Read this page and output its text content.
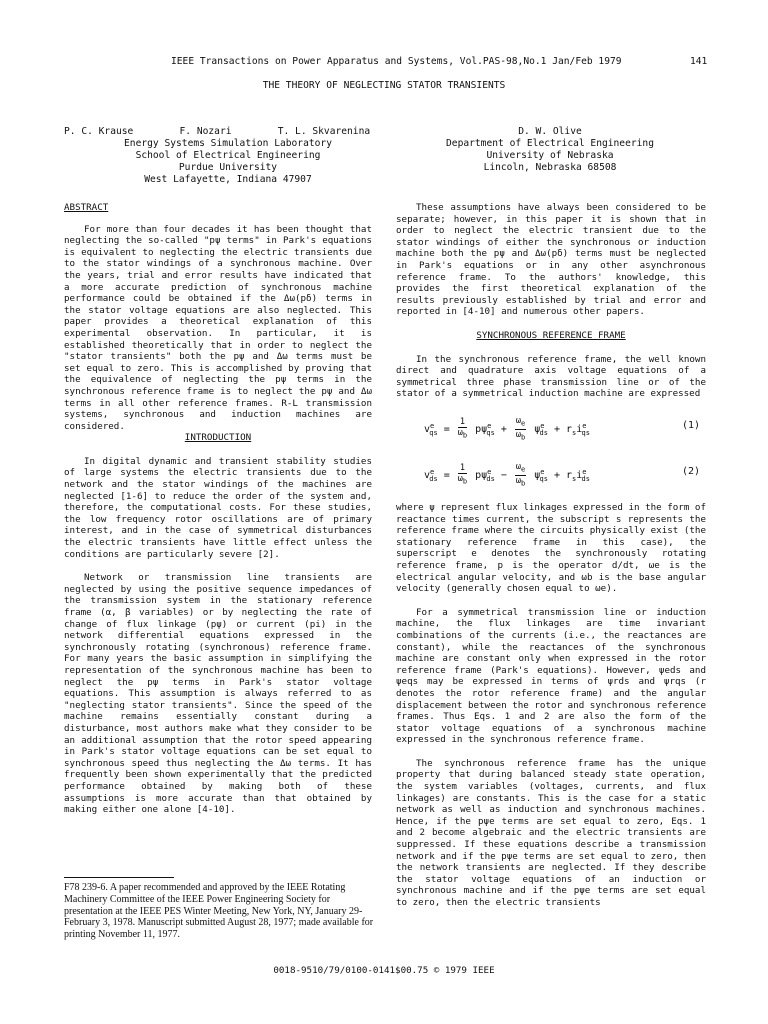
IEEE Transactions on Power Apparatus and Systems, Vol.PAS-98,No.1 Jan/Feb 1979	141
THE THEORY OF NEGLECTING STATOR TRANSIENTS
P. C. Krause        F. Nozari        T. L. Skvarenina
Energy Systems Simulation Laboratory
School of Electrical Engineering
Purdue University
West Lafayette, Indiana 47907
D. W. Olive
Department of Electrical Engineering
University of Nebraska
Lincoln, Nebraska 68508
ABSTRACT

For more than four decades it has been thought that neglecting the so-called "pψ terms" in Park's equations is equivalent to neglecting the electric transients due to the stator windings of a synchronous machine. Over the years, trial and error results have indicated that a more accurate prediction of synchronous machine performance could be obtained if the Δω(pδ) terms in the stator voltage equations are also neglected. This paper provides a theoretical explanation of this experimental observation. In particular, it is established theoretically that in order to neglect the "stator transients" both the pψ and Δω terms must be set equal to zero. This is accomplished by proving that the equivalence of neglecting the pψ terms in the synchronous reference frame is to neglect the pψ and Δω terms in all other reference frames. R-L transmission systems, synchronous and induction machines are considered.

INTRODUCTION

In digital dynamic and transient stability studies of large systems the electric transients due to the network and the stator windings of the machines are neglected [1-6] to reduce the order of the system and, therefore, the computational costs. For these studies, the low frequency rotor oscillations are of primary interest, and in the case of symmetrical disturbances the electric transients have little effect unless the conditions are particularly severe [2].

Network or transmission line transients are neglected by using the positive sequence impedances of the transmission system in the stationary reference frame (α, β variables) or by neglecting the rate of change of flux linkage (pψ) or current (pi) in the network differential equations expressed in the synchronously rotating (synchronous) reference frame. For many years the basic assumption in simplifying the representation of the synchronous machine has been to neglect the pψ terms in Park's stator voltage equations. This assumption is always referred to as "neglecting stator transients". Since the speed of the machine remains essentially constant during a disturbance, most authors make what they consider to be an additional assumption that the rotor speed appearing in Park's stator voltage equations can be set equal to synchronous speed thus neglecting the Δω terms. It has frequently been shown experimentally that the predicted performance obtained by making both of these assumptions is more accurate than that obtained by making either one alone [4-10].

F78 239-6. A paper recommended and approved by the IEEE Rotating Machinery Committee of the IEEE Power Engineering Society for presentation at the IEEE PES Winter Meeting, New York, NY, January 29-February 3, 1978. Manuscript submitted August 28, 1977; made available for printing November 11, 1977.

These assumptions have always been considered to be separate; however, in this paper it is shown that in order to neglect the electric transient due to the stator windings of either the synchronous or induction machine both the pψ and Δω(pδ) terms must be neglected in Park's equations or in any other asynchronous reference frame. To the authors' knowledge, this provides the first theoretical explanation of the results previously established by trial and error and reported in [4-10] and numerous other papers.

SYNCHRONOUS REFERENCE FRAME

In the synchronous reference frame, the well known direct and quadrature axis voltage equations of a symmetrical three phase transmission line or of the stator of a symmetrical induction machine are expressed

$v^e_{qs} = \frac{1}{\omega_b} p\psi^e_{qs} + \frac{\omega_e}{\omega_b} \psi^e_{ds} + r_si^e_{qs}$
(1)
$v^e_{ds} = \frac{1}{\omega_b} p\psi^e_{ds} - \frac{\omega_e}{\omega_b} \psi^e_{qs} + r_si^e_{ds}$
(2)

where ψ represent flux linkages expressed in the form of reactance times current, the subscript s represents the reference frame where the circuits physically exist (the stationary reference frame in this case), the superscript e denotes the synchronously rotating reference frame, p is the operator d/dt, ωe is the electrical angular velocity, and ωb is the base angular velocity (generally chosen equal to ωe).

For a symmetrical transmission line or induction machine, the flux linkages are time invariant combinations of the currents (i.e., the reactances are constant), while the reactances of the synchronous machine are constant only when expressed in the rotor reference frame (Park's equations). However, ψeds and ψeqs may be expressed in terms of ψrds and ψrqs (r denotes the rotor reference frame) and the angular displacement between the rotor and synchronous reference frames. Thus Eqs. 1 and 2 are also the form of the stator voltage equations of a synchronous machine expressed in the synchronous reference frame.

The synchronous reference frame has the unique property that during balanced steady state operation, the system variables (voltages, currents, and flux linkages) are constants. This is the case for a static network as well as induction and synchronous machines. Hence, if the pψe terms are set equal to zero, Eqs. 1 and 2 become algebraic and the electric transients are suppressed. If these equations describe a transmission network and if the pψe terms are set equal to zero, then the network transients are neglected. If they describe the stator voltage equations of an induction or synchronous machine and if the pψe terms are set equal to zero, then the electric transients

0018-9510/79/0100-0141$00.75 © 1979 IEEE
